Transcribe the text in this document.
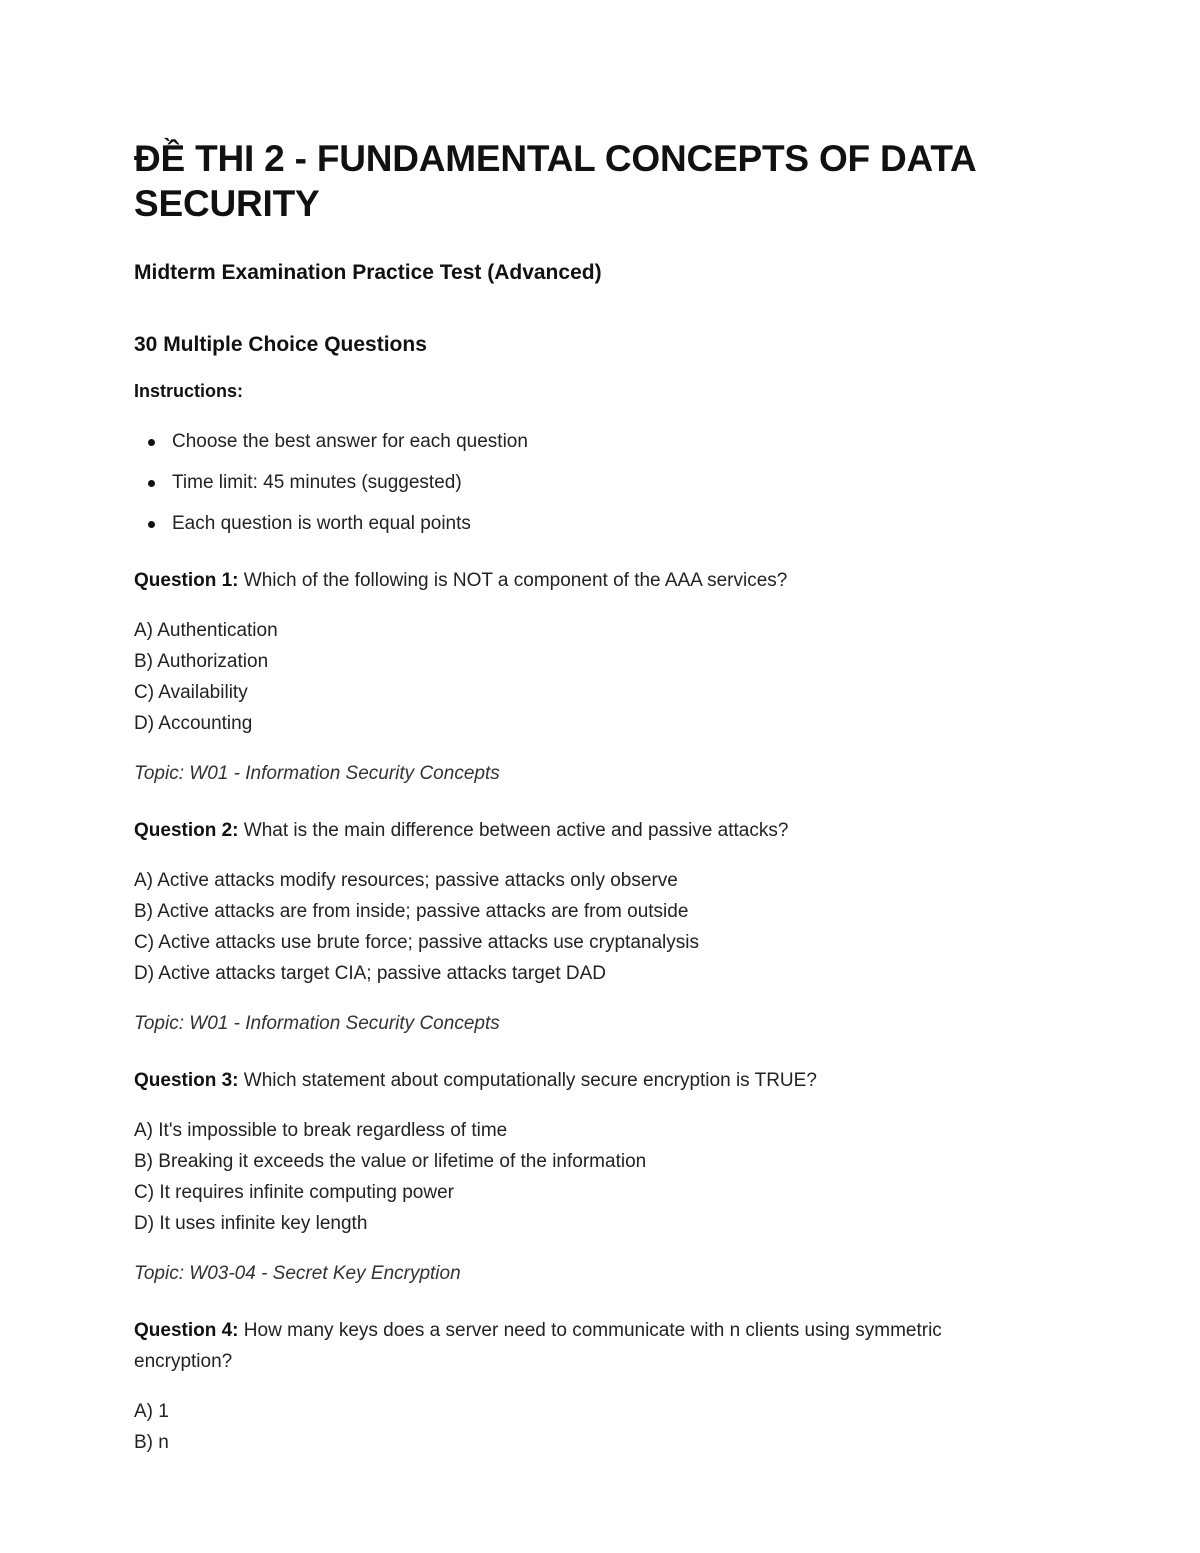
ĐỀ THI 2 - FUNDAMENTAL CONCEPTS OF DATA SECURITY
Midterm Examination Practice Test (Advanced)
30 Multiple Choice Questions

Instructions:

Choose the best answer for each question
Time limit: 45 minutes (suggested)
Each question is worth equal points

Question 1: Which of the following is NOT a component of the AAA services?

A) Authentication
B) Authorization
C) Availability
D) Accounting

Topic: W01 - Information Security Concepts

Question 2: What is the main difference between active and passive attacks?

A) Active attacks modify resources; passive attacks only observe
B) Active attacks are from inside; passive attacks are from outside
C) Active attacks use brute force; passive attacks use cryptanalysis
D) Active attacks target CIA; passive attacks target DAD

Topic: W01 - Information Security Concepts

Question 3: Which statement about computationally secure encryption is TRUE?

A) It's impossible to break regardless of time
B) Breaking it exceeds the value or lifetime of the information
C) It requires infinite computing power
D) It uses infinite key length

Topic: W03-04 - Secret Key Encryption

Question 4: How many keys does a server need to communicate with n clients using symmetric encryption?

A) 1
B) n
